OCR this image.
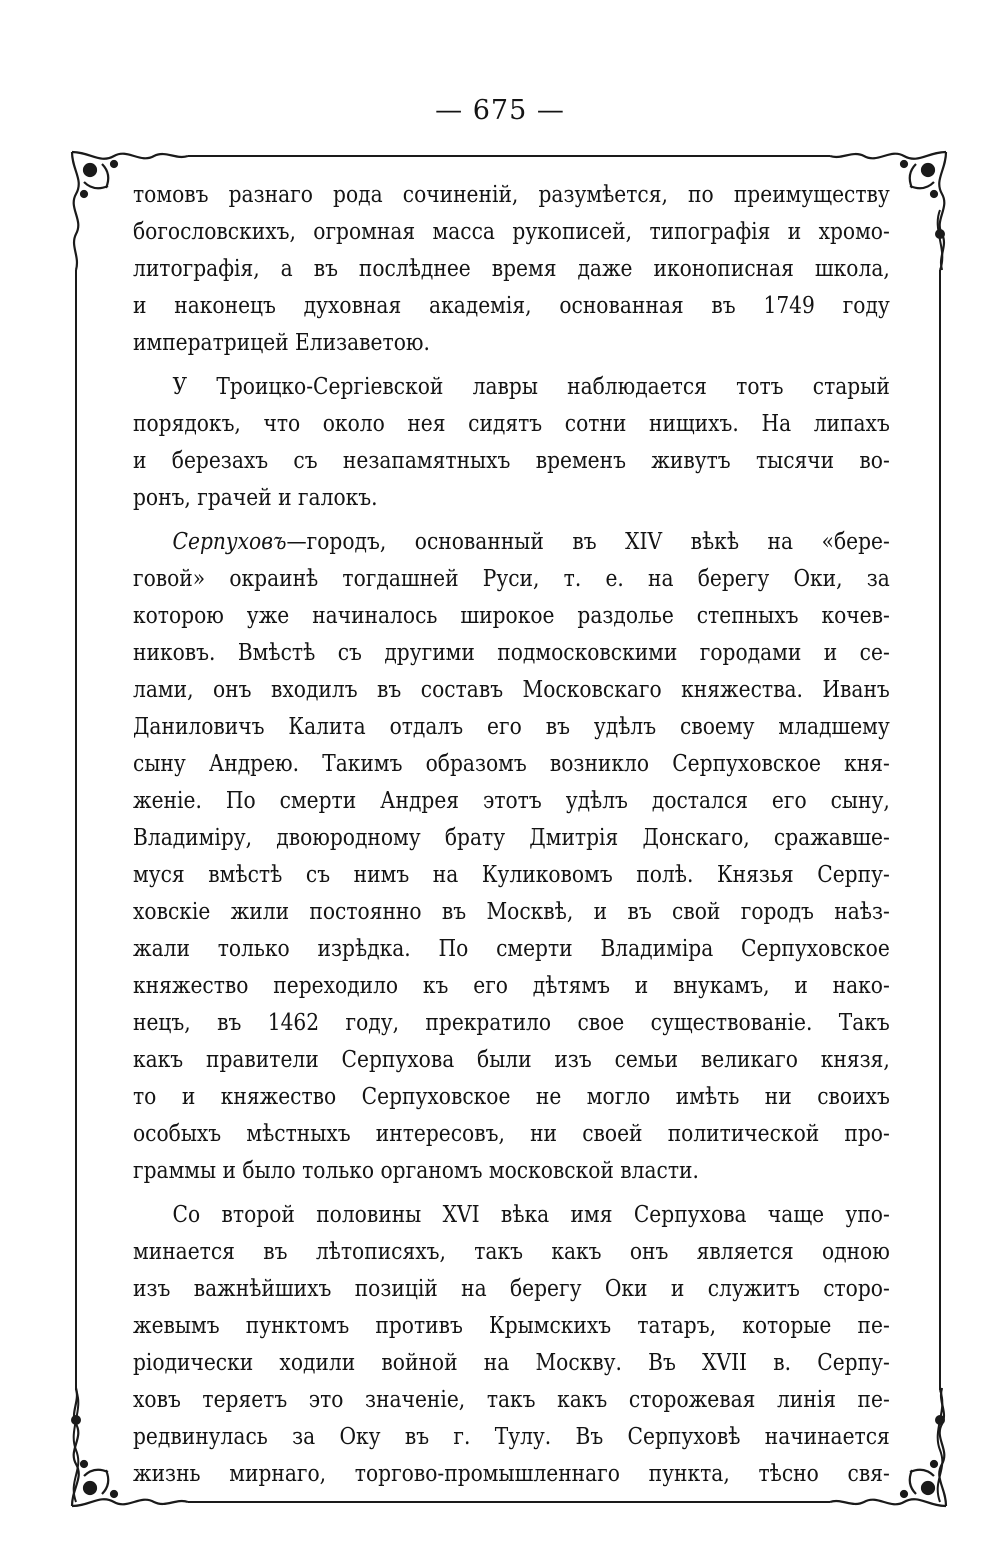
— 675 —

томовъ разнаго рода сочиненій, разумѣется, по преимуществу
богословскихъ, огромная масса рукописей, типографія и хромо-
литографія, а въ послѣднее время даже иконописная школа,
и наконецъ духовная академія, основанная въ 1749 году
императрицей Елизаветою.

У Троицко-Сергіевской лавры наблюдается тотъ старый
порядокъ, что около нея сидятъ сотни нищихъ. На липахъ
и березахъ съ незапамятныхъ временъ живутъ тысячи во-
ронъ, грачей и галокъ.

Серпуховъ—городъ, основанный въ XIV вѣкѣ на «бере-
говой» окраинѣ тогдашней Руси, т. е. на берегу Оки, за
которою уже начиналось широкое раздолье степныхъ кочев-
никовъ. Вмѣстѣ съ другими подмосковскими городами и се-
лами, онъ входилъ въ составъ Московскаго княжества. Иванъ
Даниловичъ Калита отдалъ его въ удѣлъ своему младшему
сыну Андрею. Такимъ образомъ возникло Серпуховское кня-
женіе. По смерти Андрея этотъ удѣлъ достался его сыну,
Владиміру, двоюродному брату Дмитрія Донскаго, сражавше-
муся вмѣстѣ съ нимъ на Куликовомъ полѣ. Князья Серпу-
ховскіе жили постоянно въ Москвѣ, и въ свой городъ наѣз-
жали только изрѣдка. По смерти Владиміра Серпуховское
княжество переходило къ его дѣтямъ и внукамъ, и нако-
нецъ, въ 1462 году, прекратило свое существованіе. Такъ
какъ правители Серпухова были изъ семьи великаго князя,
то и княжество Серпуховское не могло имѣть ни своихъ
особыхъ мѣстныхъ интересовъ, ни своей политической про-
граммы и было только органомъ московской власти.

Со второй половины XVI вѣка имя Серпухова чаще упо-
минается въ лѣтописяхъ, такъ какъ онъ является одною
изъ важнѣйшихъ позицій на берегу Оки и служитъ сторо-
жевымъ пунктомъ противъ Крымскихъ татаръ, которые пе-
ріодически ходили войной на Москву. Въ XVII в. Серпу-
ховъ теряетъ это значеніе, такъ какъ сторожевая линія пе-
редвинулась за Оку въ г. Тулу. Въ Серпуховѣ начинается
жизнь мирнаго, торгово-промышленнаго пункта, тѣсно свя-
